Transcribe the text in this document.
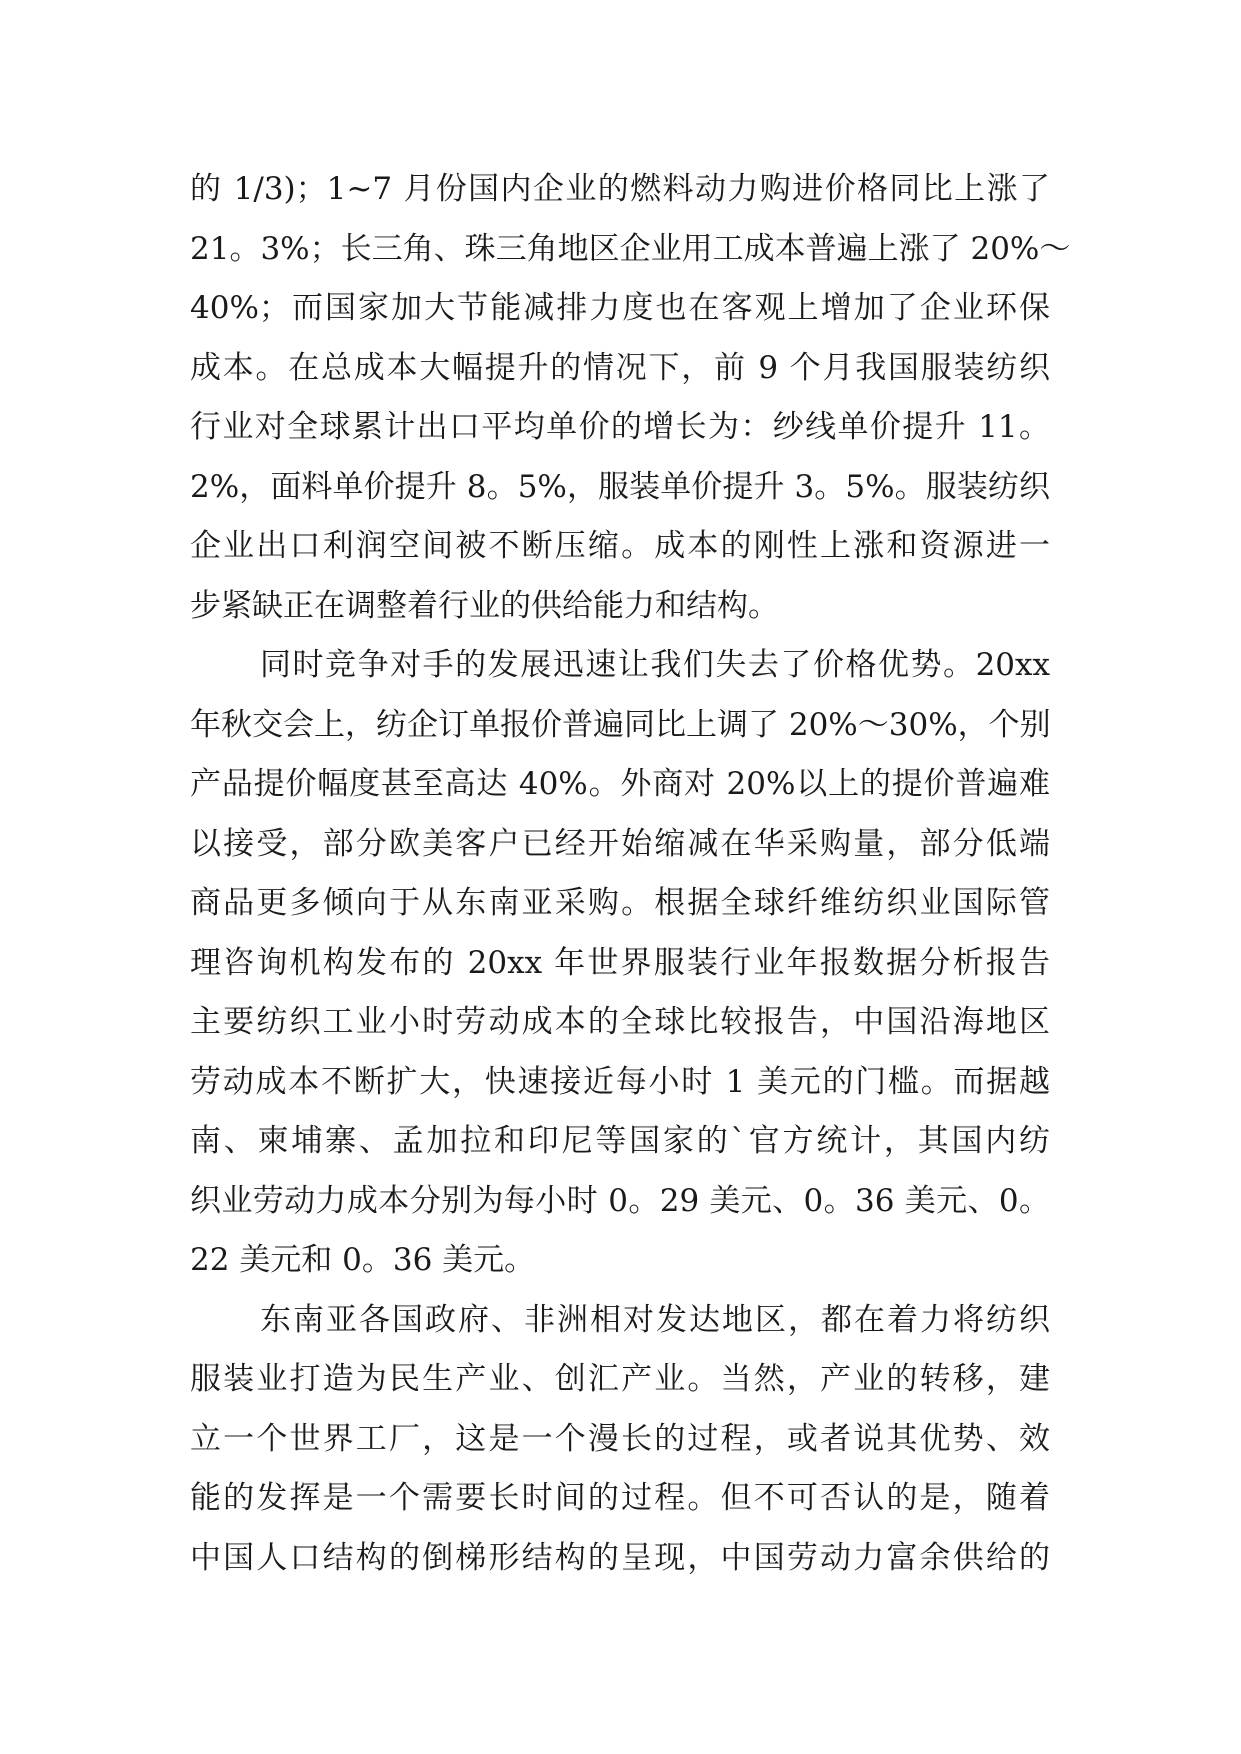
的 1/3)；1~7 月份国内企业的燃料动力购进价格同比上涨了
21。3%；长三角、珠三角地区企业用工成本普遍上涨了 20%～
40%；而国家加大节能减排力度也在客观上增加了企业环保
成本。在总成本大幅提升的情况下，前 9 个月我国服装纺织
行业对全球累计出口平均单价的增长为：纱线单价提升 11。
2%，面料单价提升 8。5%，服装单价提升 3。5%。服装纺织
企业出口利润空间被不断压缩。成本的刚性上涨和资源进一
步紧缺正在调整着行业的供给能力和结构。
同时竞争对手的发展迅速让我们失去了价格优势。20xx
年秋交会上，纺企订单报价普遍同比上调了 20%～30%，个别
产品提价幅度甚至高达 40%。外商对 20%以上的提价普遍难
以接受，部分欧美客户已经开始缩减在华采购量，部分低端
商品更多倾向于从东南亚采购。根据全球纤维纺织业国际管
理咨询机构发布的 20xx 年世界服装行业年报数据分析报告
主要纺织工业小时劳动成本的全球比较报告，中国沿海地区
劳动成本不断扩大，快速接近每小时 1 美元的门槛。而据越
南、柬埔寨、孟加拉和印尼等国家的`官方统计，其国内纺
织业劳动力成本分别为每小时 0。29 美元、0。36 美元、0。
22 美元和 0。36 美元。
东南亚各国政府、非洲相对发达地区，都在着力将纺织
服装业打造为民生产业、创汇产业。当然，产业的转移，建
立一个世界工厂，这是一个漫长的过程，或者说其优势、效
能的发挥是一个需要长时间的过程。但不可否认的是，随着
中国人口结构的倒梯形结构的呈现，中国劳动力富余供给的
